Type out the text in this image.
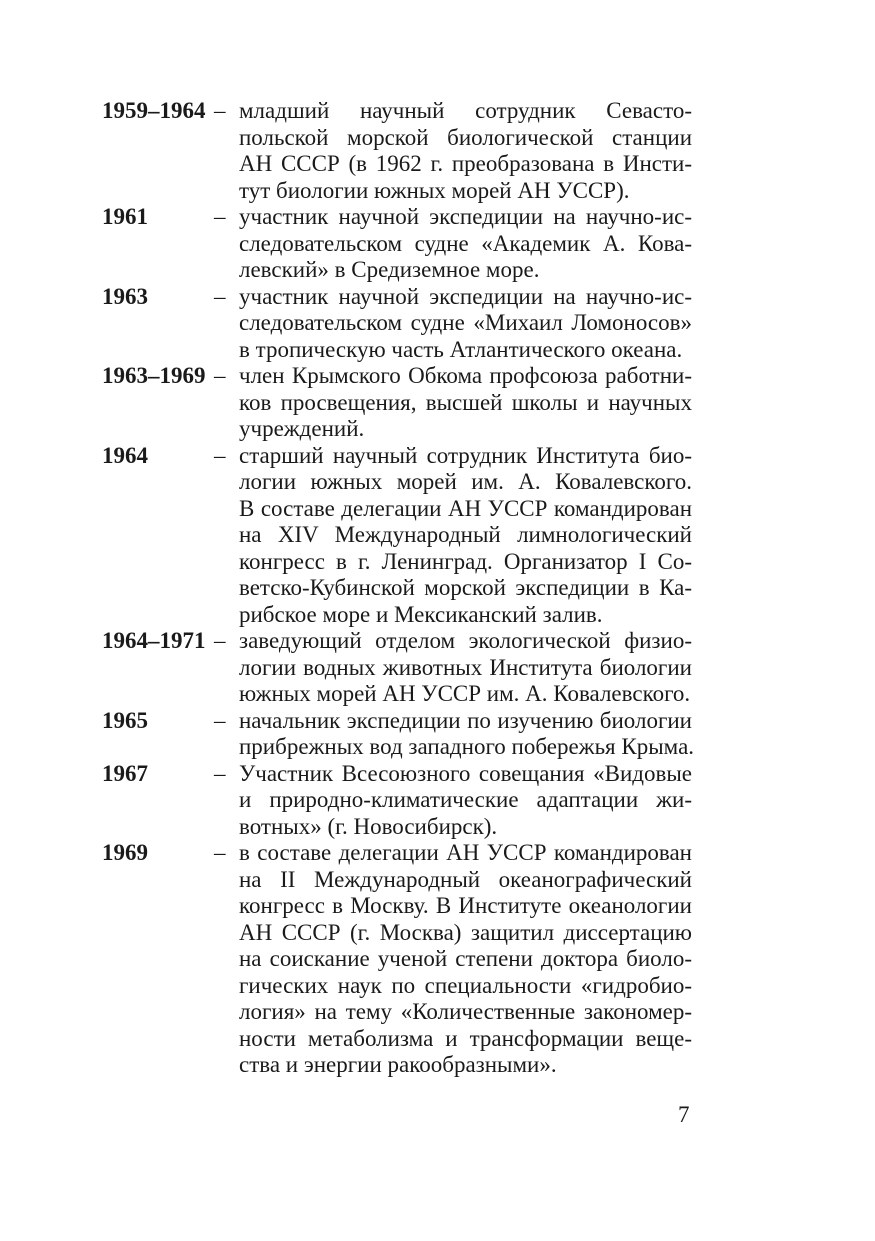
1959–1964 – младший научный сотрудник Севасто-
польской морской биологической станции
АН СССР (в 1962 г. преобразована в Инсти-
тут биологии южных морей АН УССР).
1961	– участник научной экспедиции на научно-ис-
следовательском судне «Академик А. Кова-
левский» в Средиземное море.
1963	– участник научной экспедиции на научно-ис-
следовательском судне «Михаил Ломоносов»
в тропическую часть Атлантического океана.
1963–1969 – член Крымского Обкома профсоюза работни-
ков просвещения, высшей школы и научных
учреждений.
1964	– старший научный сотрудник Института био-
логии южных морей им. А. Ковалевского.
В составе делегации АН УССР командирован
на XIV Международный лимнологический
конгресс в г. Ленинград. Организатор I Со-
ветско-Кубинской морской экспедиции в Ка-
рибское море и Мексиканский залив.
1964–1971 – заведующий отделом экологической физио-
логии водных животных Института биологии
южных морей АН УССР им. А. Ковалевского.
1965	– начальник экспедиции по изучению биологии
прибрежных вод западного побережья Крыма.
1967	– Участник Всесоюзного совещания «Видовые
и природно-климатические адаптации жи-
вотных» (г. Новосибирск).
1969	– в составе делегации АН УССР командирован
на II Международный океанографический
конгресс в Москву. В Институте океанологии
АН СССР (г. Москва) защитил диссертацию
на соискание ученой степени доктора биоло-
гических наук по специальности «гидробио-
логия» на тему «Количественные закономер-
ности метаболизма и трансформации веще-
ства и энергии ракообразными».
7
